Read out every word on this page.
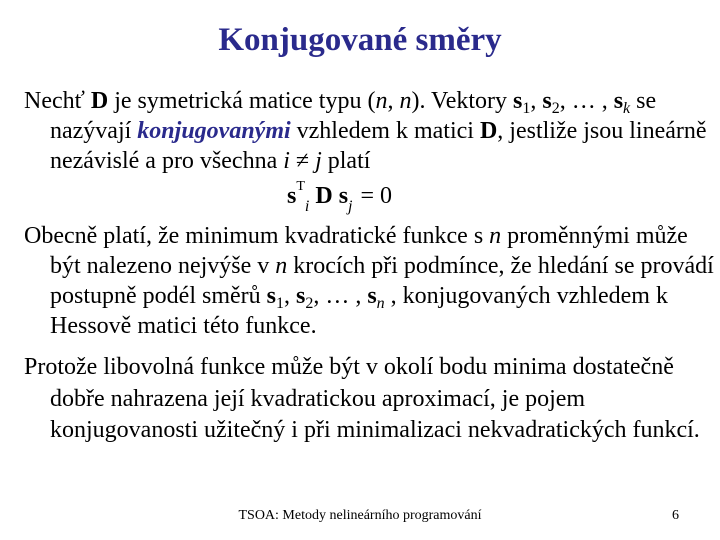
Konjugované směry

Nechť D je symetrická matice typu (n, n). Vektory $s_1$, $s_2$, … , $s_k$ se nazývají konjugovanými vzhledem k matici D, jestliže jsou lineárně nezávislé a pro všechna i ≠ j platí

$s^T_i$ D $s_j = 0$

Obecně platí, že minimum kvadratické funkce s n proměnnými může být nalezeno nejvýše v n krocích při podmínce, že hledání se provádí postupně podél směrů $s_1$, $s_2$, … , $s_n$ , konjugovaných vzhledem k Hessově matici této funkce.

Protože libovolná funkce může být v okolí bodu minima dostatečně dobře nahrazena její kvadratickou aproximací, je pojem konjugovanosti užitečný i při minimalizaci nekvadratických funkcí.

TSOA: Metody nelineárního programování	6
